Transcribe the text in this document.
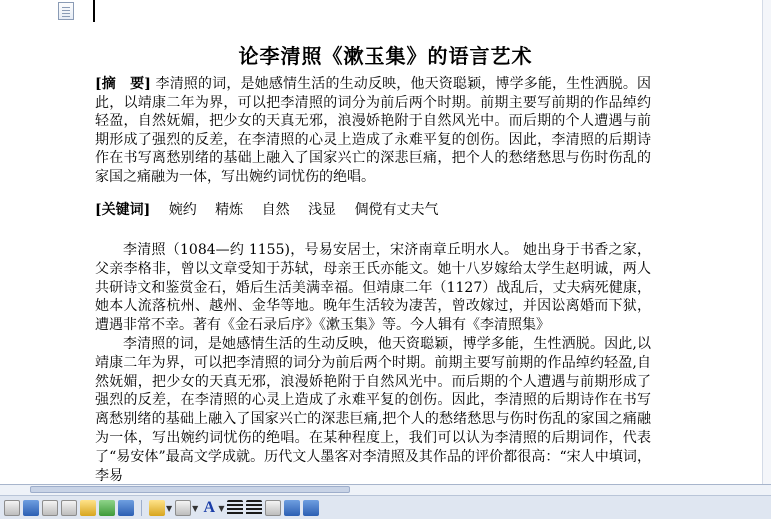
论李清照《漱玉集》的语言艺术
[摘　要] 李清照的词，是她感情生活的生动反映，他天资聪颖，博学多能，生性洒脱。因此，以靖康二年为界，可以把李清照的词分为前后两个时期。前期主要写前期的作品绰约轻盈，自然妩媚，把少女的天真无邪，浪漫娇艳附于自然风光中。而后期的个人遭遇与前期形成了强烈的反差，在李清照的心灵上造成了永难平复的创伤。因此，李清照的后期诗作在书写离愁别绪的基础上融入了国家兴亡的深悲巨痛，把个人的愁绪愁思与伤时伤乱的家国之痛融为一体，写出婉约词忧伤的绝唱。
[关键词] 婉约 精炼 自然 浅显 倜傥有丈夫气

李清照（1084—约 1155)，号易安居士，宋济南章丘明水人。 她出身于书香之家，父亲李格非，曾以文章受知于苏轼，母亲王氏亦能文。她十八岁嫁给太学生赵明诚，两人共研诗文和鉴赏金石，婚后生活美满幸福。但靖康二年（1127）战乱后，丈夫病死健康，她本人流落杭州、越州、金华等地。晚年生活较为凄苦，曾改嫁过，并因讼离婚而下狱，遭遇非常不幸。著有《金石录后序》《漱玉集》等。今人辑有《李清照集》

李清照的词，是她感情生活的生动反映，他天资聪颖，博学多能，生性洒脱。因此,以靖康二年为界，可以把李清照的词分为前后两个时期。前期主要写前期的作品绰约轻盈,自然妩媚，把少女的天真无邪，浪漫娇艳附于自然风光中。而后期的个人遭遇与前期形成了强烈的反差，在李清照的心灵上造成了永难平复的创伤。因此，李清照的后期诗作在书写离愁别绪的基础上融入了国家兴亡的深悲巨痛,把个人的愁绪愁思与伤时伤乱的家国之痛融为一体，写出婉约词忧伤的绝唱。在某种程度上，我们可以认为李清照的后期词作，代表了“易安体”最高文学成就。历代文人墨客对李清照及其作品的评价都很高：“宋人中填词，李易

▼	▼ A ▼
